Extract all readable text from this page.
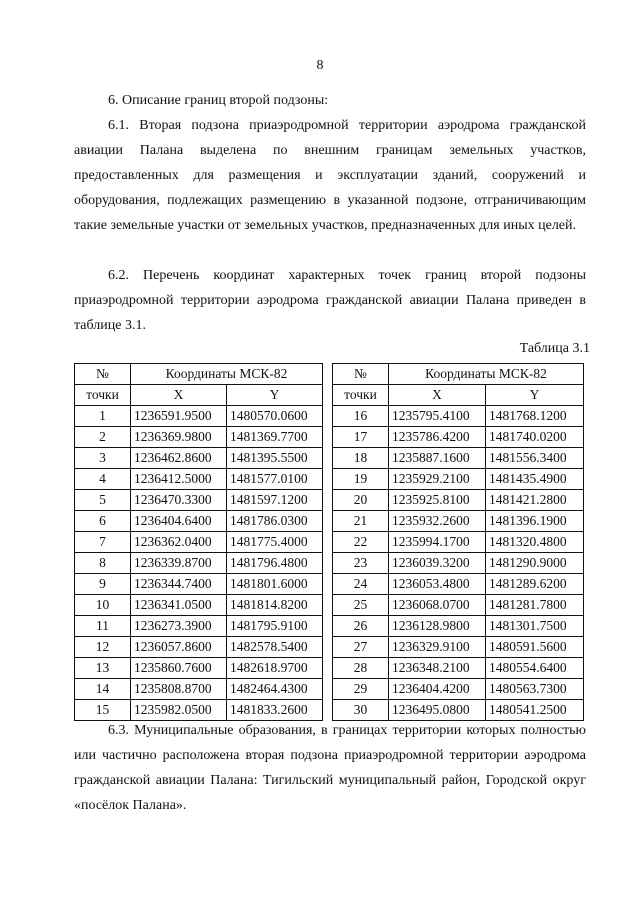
8
6. Описание границ второй подзоны:
6.1. Вторая подзона приаэродромной территории аэродрома гражданской авиации Палана выделена по внешним границам земельных участков, предоставленных для размещения и эксплуатации зданий, сооружений и оборудования, подлежащих размещению в указанной подзоне, отграничивающим такие земельные участки от земельных участков, предназначенных для иных целей.
6.2. Перечень координат характерных точек границ второй подзоны приаэродромной территории аэродрома гражданской авиации Палана приведен в таблице 3.1.
Таблица 3.1
№	Координаты МСК-82	
точки	X	Y
1	1236591.9500	1480570.0600
2	1236369.9800	1481369.7700
3	1236462.8600	1481395.5500
4	1236412.5000	1481577.0100
5	1236470.3300	1481597.1200
6	1236404.6400	1481786.0300
7	1236362.0400	1481775.4000
8	1236339.8700	1481796.4800
9	1236344.7400	1481801.6000
10	1236341.0500	1481814.8200
11	1236273.3900	1481795.9100
12	1236057.8600	1482578.5400
13	1235860.7600	1482618.9700
14	1235808.8700	1482464.4300
15	1235982.0500	1481833.2600
№	Координаты МСК-82	
точки	X	Y
16	1235795.4100	1481768.1200
17	1235786.4200	1481740.0200
18	1235887.1600	1481556.3400
19	1235929.2100	1481435.4900
20	1235925.8100	1481421.2800
21	1235932.2600	1481396.1900
22	1235994.1700	1481320.4800
23	1236039.3200	1481290.9000
24	1236053.4800	1481289.6200
25	1236068.0700	1481281.7800
26	1236128.9800	1481301.7500
27	1236329.9100	1480591.5600
28	1236348.2100	1480554.6400
29	1236404.4200	1480563.7300
30	1236495.0800	1480541.2500
6.3. Муниципальные образования, в границах территории которых полностью или частично расположена вторая подзона приаэродромной территории аэродрома гражданской авиации Палана: Тигильский муниципальный район, Городской округ «посёлок Палана».
